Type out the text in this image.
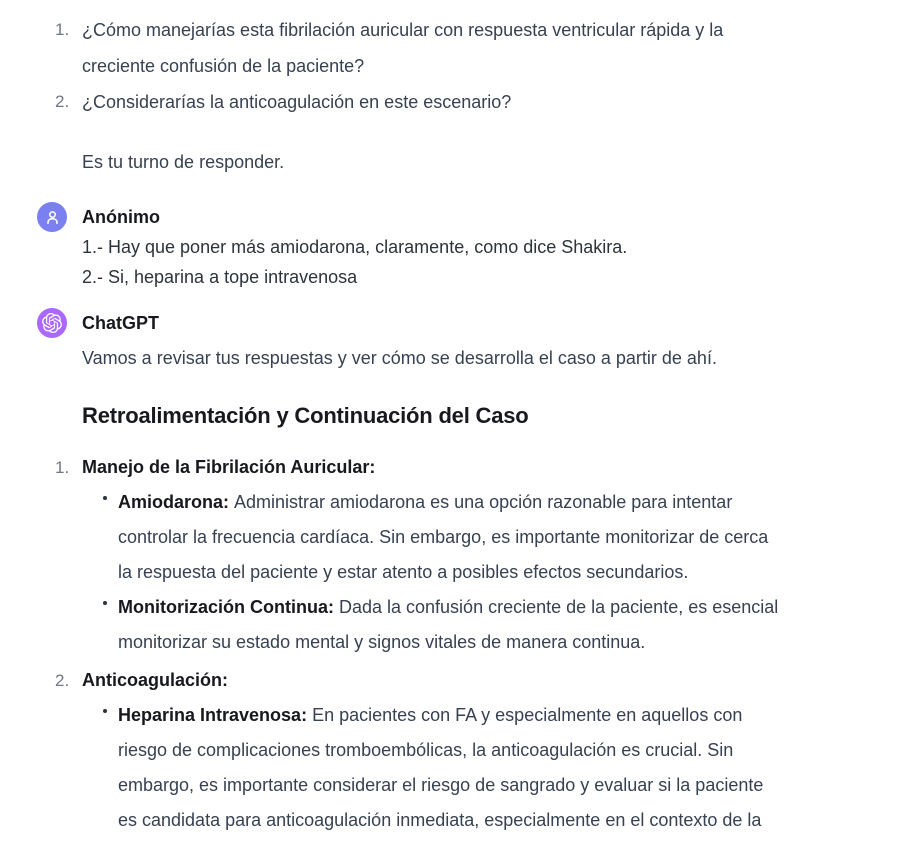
1. ¿Cómo manejarías esta fibrilación auricular con respuesta ventricular rápida y la
creciente confusión de la paciente?
2. ¿Considerarías la anticoagulación en este escenario?
Es tu turno de responder.
Anónimo
1.- Hay que poner más amiodarona, claramente, como dice Shakira.
2.- Si, heparina a tope intravenosa
ChatGPT
Vamos a revisar tus respuestas y ver cómo se desarrolla el caso a partir de ahí.
Retroalimentación y Continuación del Caso
1. Manejo de la Fibrilación Auricular:
Amiodarona: Administrar amiodarona es una opción razonable para intentar
controlar la frecuencia cardíaca. Sin embargo, es importante monitorizar de cerca
la respuesta del paciente y estar atento a posibles efectos secundarios.
Monitorización Continua: Dada la confusión creciente de la paciente, es esencial
monitorizar su estado mental y signos vitales de manera continua.
2. Anticoagulación:
Heparina Intravenosa: En pacientes con FA y especialmente en aquellos con
riesgo de complicaciones tromboembólicas, la anticoagulación es crucial. Sin
embargo, es importante considerar el riesgo de sangrado y evaluar si la paciente
es candidata para anticoagulación inmediata, especialmente en el contexto de la
